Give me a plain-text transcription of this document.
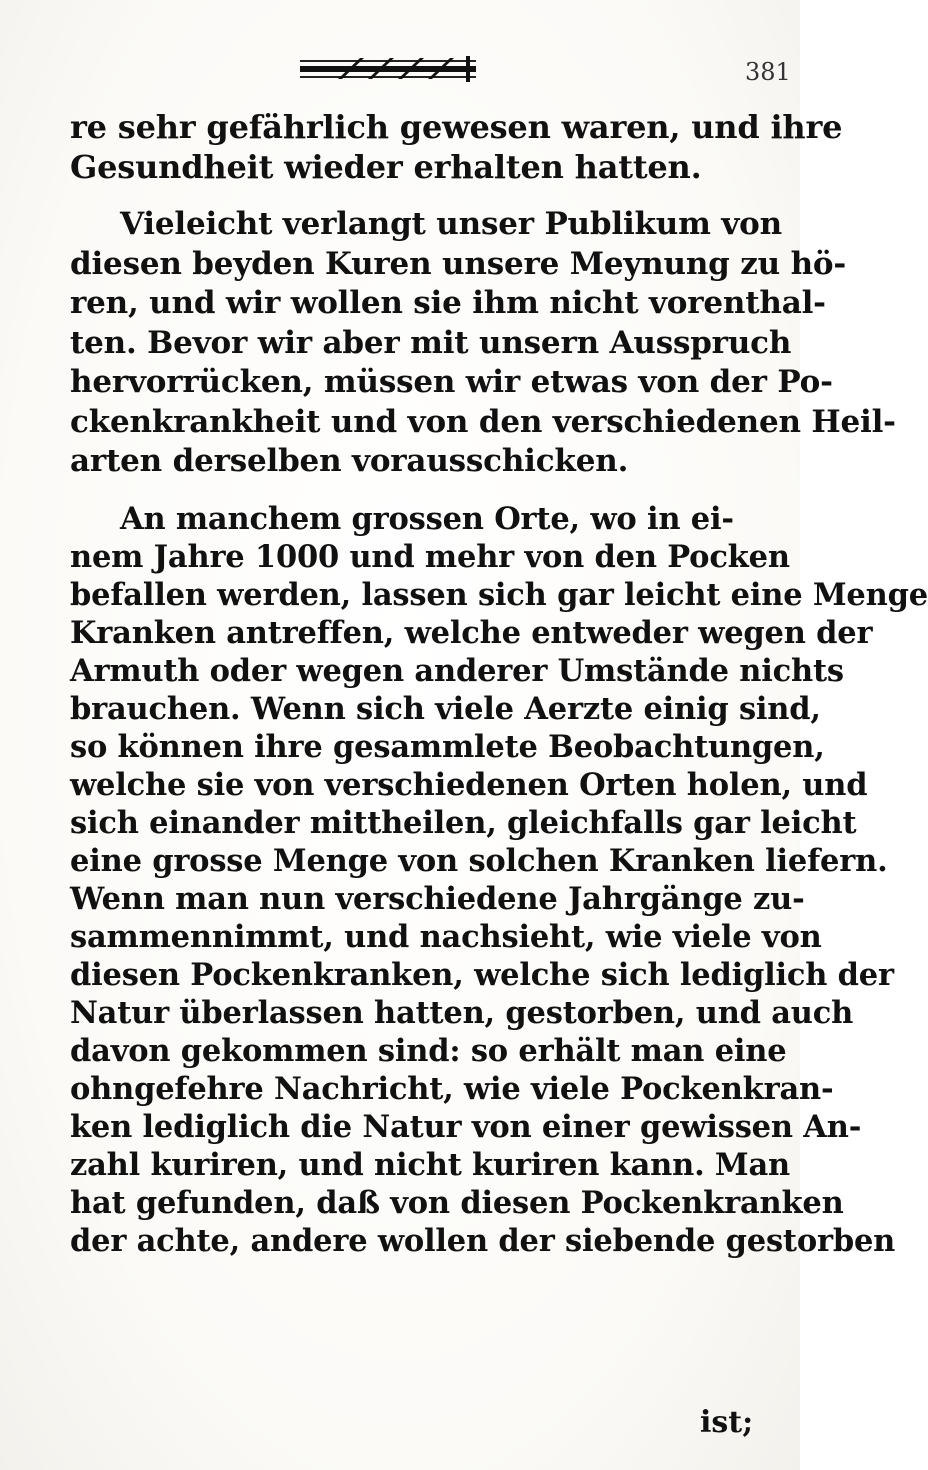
381

re sehr gefährlich gewesen waren, und ihre
Gesundheit wieder erhalten hatten.

Vieleicht verlangt unser Publikum von
diesen beyden Kuren unsere Meynung zu hö-
ren, und wir wollen sie ihm nicht vorenthal-
ten. Bevor wir aber mit unsern Ausspruch
hervorrücken, müssen wir etwas von der Po-
ckenkrankheit und von den verschiedenen Heil-
arten derselben vorausschicken.

An manchem grossen Orte, wo in ei-
nem Jahre 1000 und mehr von den Pocken
befallen werden, lassen sich gar leicht eine Menge
Kranken antreffen, welche entweder wegen der
Armuth oder wegen anderer Umstände nichts
brauchen. Wenn sich viele Aerzte einig sind,
so können ihre gesammlete Beobachtungen,
welche sie von verschiedenen Orten holen, und
sich einander mittheilen, gleichfalls gar leicht
eine grosse Menge von solchen Kranken liefern.
Wenn man nun verschiedene Jahrgänge zu-
sammennimmt, und nachsieht, wie viele von
diesen Pockenkranken, welche sich lediglich der
Natur überlassen hatten, gestorben, und auch
davon gekommen sind: so erhält man eine
ohngefehre Nachricht, wie viele Pockenkran-
ken lediglich die Natur von einer gewissen An-
zahl kuriren, und nicht kuriren kann. Man
hat gefunden, daß von diesen Pockenkranken
der achte, andere wollen der siebende gestorben

ist;
